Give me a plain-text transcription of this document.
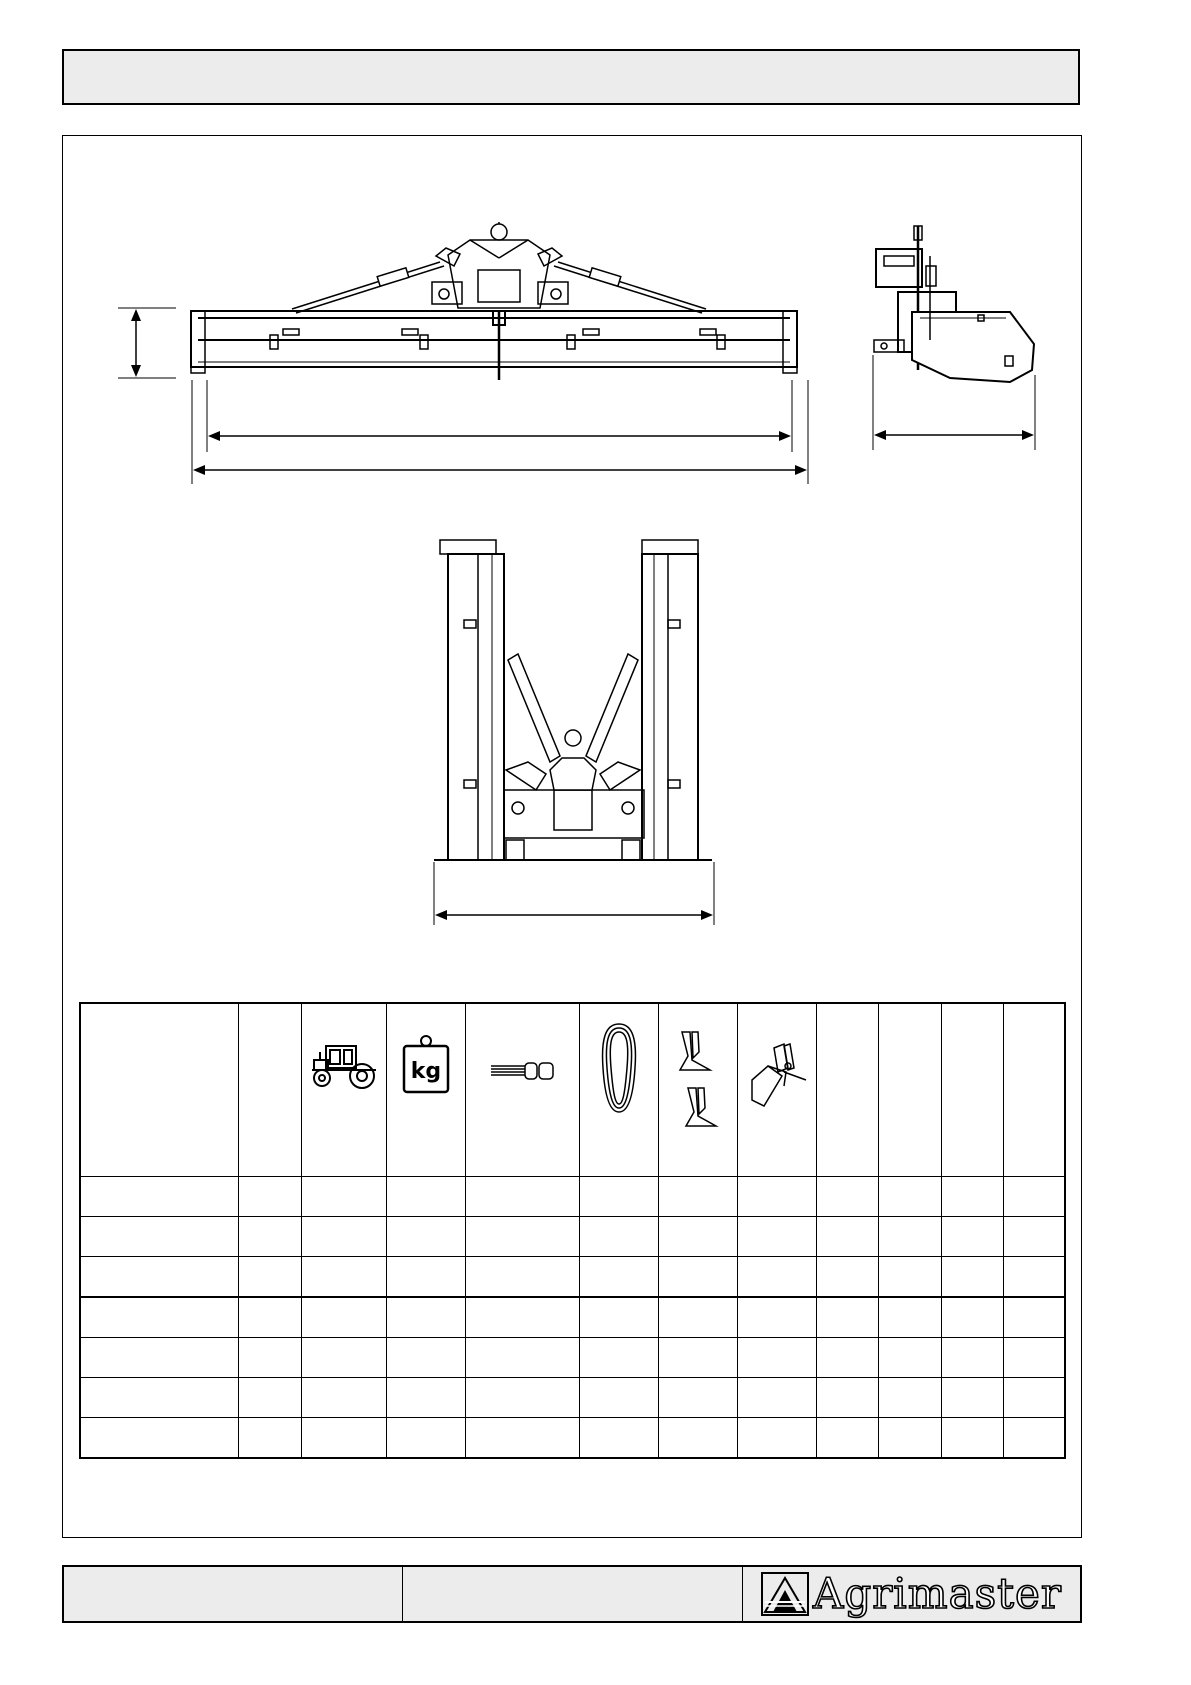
kg

Agrimaster
